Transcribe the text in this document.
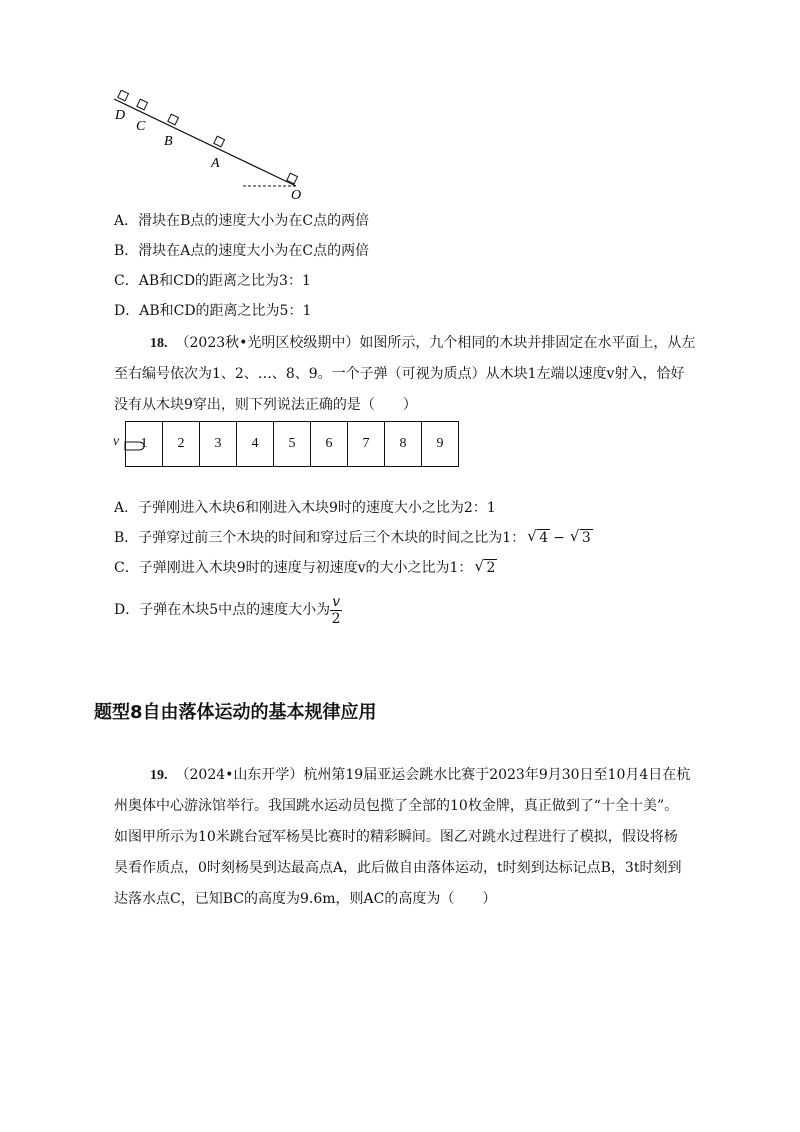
D
C
B
A
O
A．滑块在B点的速度大小为在C点的两倍
B．滑块在A点的速度大小为在C点的两倍
C．AB和CD的距离之比为3：1
D．AB和CD的距离之比为5：1
18. （2023秋•光明区校级期中）如图所示，九个相同的木块并排固定在水平面上，从左
至右编号依次为1、2、…、8、9。一个子弹（可视为质点）从木块1左端以速度v射入，恰好
没有从木块9穿出，则下列说法正确的是（　　）
v	1	2	3	4	5	6	7	8	9
A．子弹刚进入木块6和刚进入木块9时的速度大小之比为2：1
B．子弹穿过前三个木块的时间和穿过后三个木块的时间之比为1： √ 4 − √ 3
C．子弹刚进入木块9时的速度与初速度v的大小之比为1： √ 2
D．子弹在木块5中点的速度大小为 $\frac{v}{2}$
题型8自由落体运动的基本规律应用
19. （2024•山东开学）杭州第19届亚运会跳水比赛于2023年9月30日至10月4日在杭
州奥体中心游泳馆举行。我国跳水运动员包揽了全部的10枚金牌，真正做到了“十全十美”。
如图甲所示为10米跳台冠军杨昊比赛时的精彩瞬间。图乙对跳水过程进行了模拟，假设将杨
昊看作质点，0时刻杨昊到达最高点A，此后做自由落体运动，t时刻到达标记点B，3t时刻到
达落水点C，已知BC的高度为9.6m，则AC的高度为（　　）
